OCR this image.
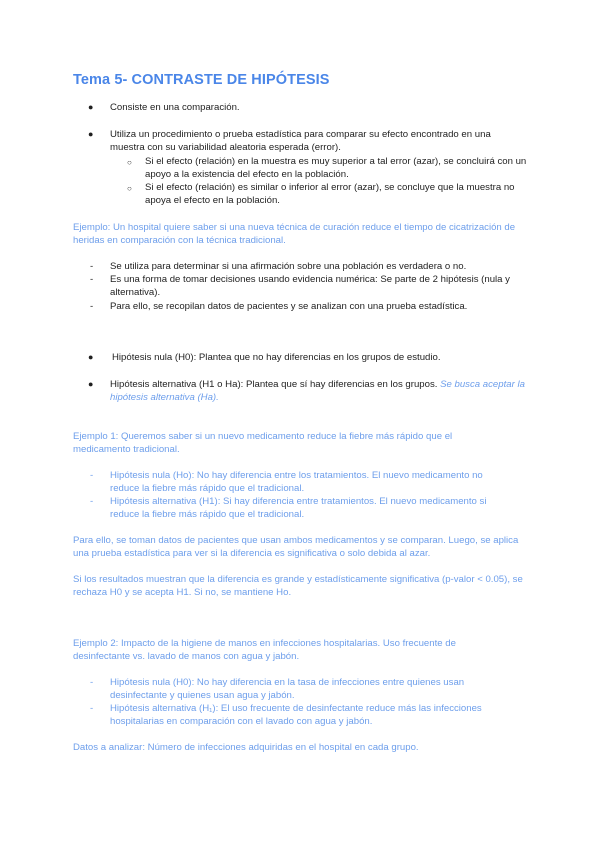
Tema 5- CONTRASTE DE HIPÓTESIS
● Consiste en una comparación.

● Utiliza un procedimiento o prueba estadística para comparar su efecto encontrado en una muestra con su variabilidad aleatoria esperada (error).

○ Si el efecto (relación) en la muestra es muy superior a tal error (azar), se concluirá con un apoyo a la existencia del efecto en la población.

○ Si el efecto (relación) es similar o inferior al error (azar), se concluye que la muestra no apoya el efecto en la población.

Ejemplo: Un hospital quiere saber si una nueva técnica de curación reduce el tiempo de cicatrización de heridas en comparación con la técnica tradicional.

- Se utiliza para determinar si una afirmación sobre una población es verdadera o no.

- Es una forma de tomar decisiones usando evidencia numérica: Se parte de 2 hipótesis (nula y alternativa).

- Para ello, se recopilan datos de pacientes y se analizan con una prueba estadística.

● Hipótesis nula (H0): Plantea que no hay diferencias en los grupos de estudio.

● Hipótesis alternativa (H1 o Ha): Plantea que sí hay diferencias en los grupos. Se busca aceptar la hipótesis alternativa (Ha).

Ejemplo 1: Queremos saber si un nuevo medicamento reduce la fiebre más rápido que el medicamento tradicional.

- Hipótesis nula (Ho): No hay diferencia entre los tratamientos. El nuevo medicamento no reduce la fiebre más rápido que el tradicional.

- Hipótesis alternativa (H1): Si hay diferencia entre tratamientos. El nuevo medicamento si reduce la fiebre más rápido que el tradicional.

Para ello, se toman datos de pacientes que usan ambos medicamentos y se comparan. Luego, se aplica una prueba estadística para ver si la diferencia es significativa o solo debida al azar.

Si los resultados muestran que la diferencia es grande y estadísticamente significativa (p-valor < 0.05), se rechaza H0 y se acepta H1. Si no, se mantiene Ho.

Ejemplo 2: Impacto de la higiene de manos en infecciones hospitalarias. Uso frecuente de desinfectante vs. lavado de manos con agua y jabón.

- Hipótesis nula (H0): No hay diferencia en la tasa de infecciones entre quienes usan desinfectante y quienes usan agua y jabón.

- Hipótesis alternativa (H₁): El uso frecuente de desinfectante reduce más las infecciones hospitalarias en comparación con el lavado con agua y jabón.

Datos a analizar: Número de infecciones adquiridas en el hospital en cada grupo.
